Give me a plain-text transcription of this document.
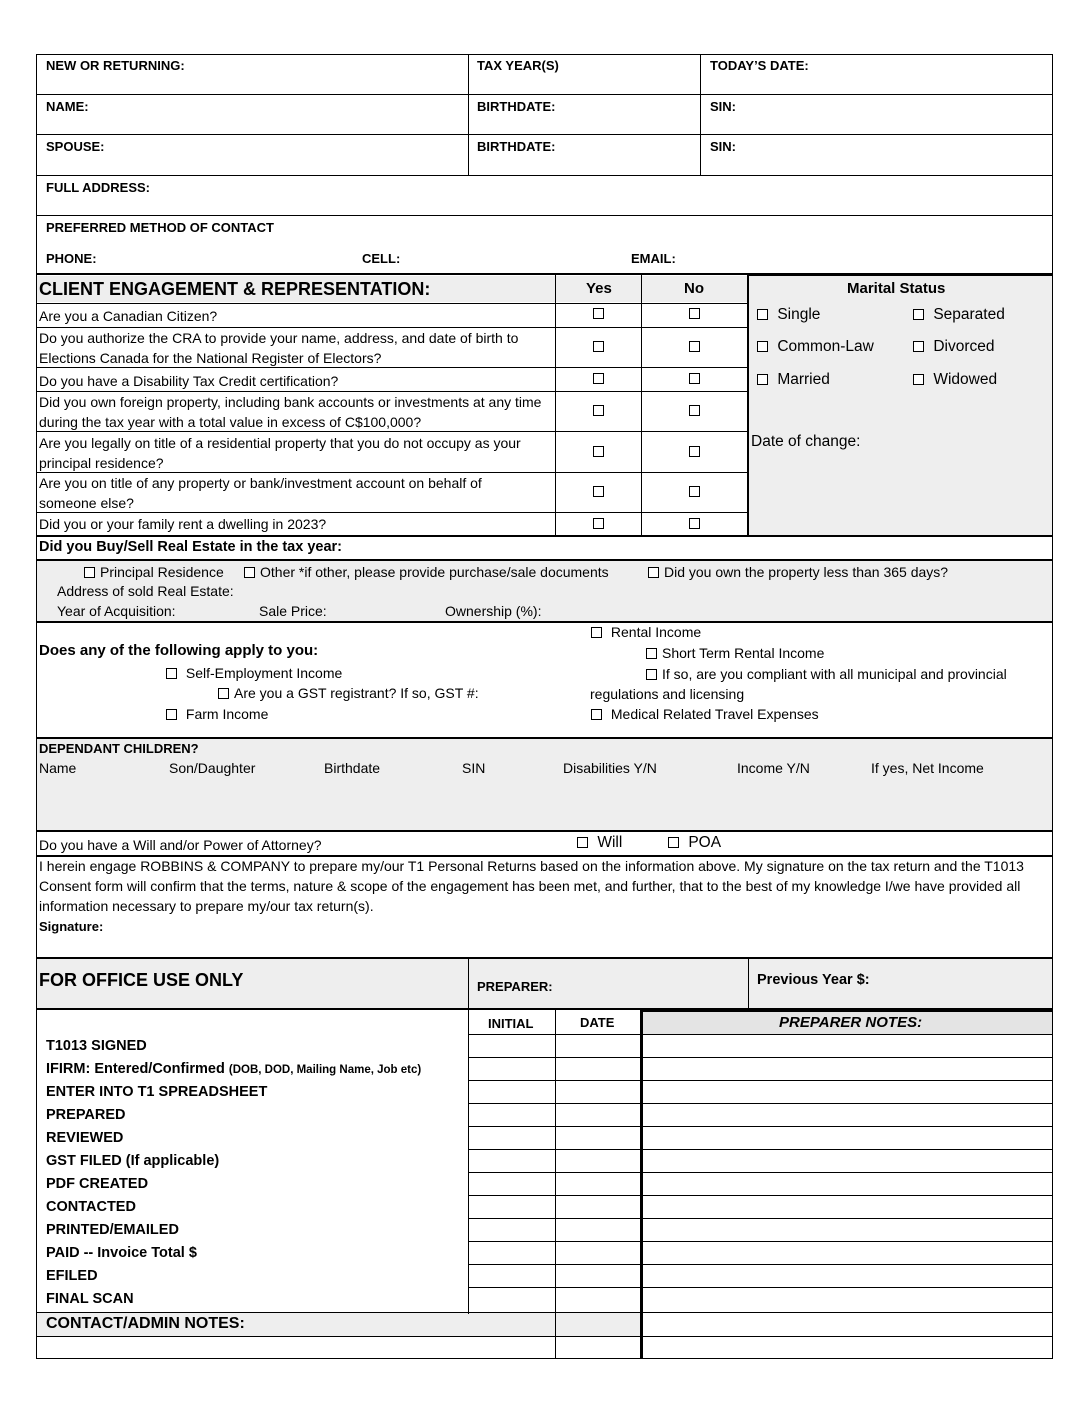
NEW OR RETURNING:	TAX YEAR(S)	TODAY’S DATE:
NAME:	BIRTHDATE:	SIN:
SPOUSE:	BIRTHDATE:	SIN:
FULL ADDRESS:
PREFERRED METHOD OF CONTACT
PHONE:	CELL:	EMAIL:
CLIENT ENGAGEMENT & REPRESENTATION:	Yes	No
Are you a Canadian Citizen?
Do you authorize the CRA to provide your name, address, and date of birth to Elections Canada for the National Register of Electors?
Do you have a Disability Tax Credit certification?
Did you own foreign property, including bank accounts or investments at any time during the tax year with a total value in excess of C$100,000?
Are you legally on title of a residential property that you do not occupy as your principal residence?
Are you on title of any property or bank/investment account on behalf of someone else?
Did you or your family rent a dwelling in 2023?
Marital Status
Single	Separated
Common-Law	Divorced
Married	Widowed
Date of change:
Did you Buy/Sell Real Estate in the tax year:
Principal Residence	Other *if other, please provide purchase/sale documents	Did you own the property less than 365 days?
Address of sold Real Estate:
Year of Acquisition:	Sale Price:	Ownership (%):
Does any of the following apply to you:
Self-Employment Income
Are you a GST registrant? If so, GST #:
Farm Income
Rental Income
Short Term Rental Income
If so, are you compliant with all municipal and provincial
regulations and licensing
Medical Related Travel Expenses
DEPENDANT CHILDREN?
Name	Son/Daughter	Birthdate	SIN	Disabilities Y/N	Income Y/N	If yes, Net Income
Do you have a Will and/or Power of Attorney?	Will	POA
I herein engage ROBBINS & COMPANY to prepare my/our T1 Personal Returns based on the information above. My signature on the tax return and the T1013 Consent form will confirm that the terms, nature & scope of the engagement has been met, and further, that to the best of my knowledge I/we have provided all information necessary to prepare my/our tax return(s).
Signature:
FOR OFFICE USE ONLY	PREPARER:	Previous Year $:
INITIAL	DATE	PREPARER NOTES:
T1013 SIGNED
IFIRM: Entered/Confirmed (DOB, DOD, Mailing Name, Job etc)
ENTER INTO T1 SPREADSHEET
PREPARED
REVIEWED
GST FILED (If applicable)
PDF CREATED
CONTACTED
PRINTED/EMAILED
PAID -- Invoice Total $
EFILED
FINAL SCAN
CONTACT/ADMIN NOTES:
